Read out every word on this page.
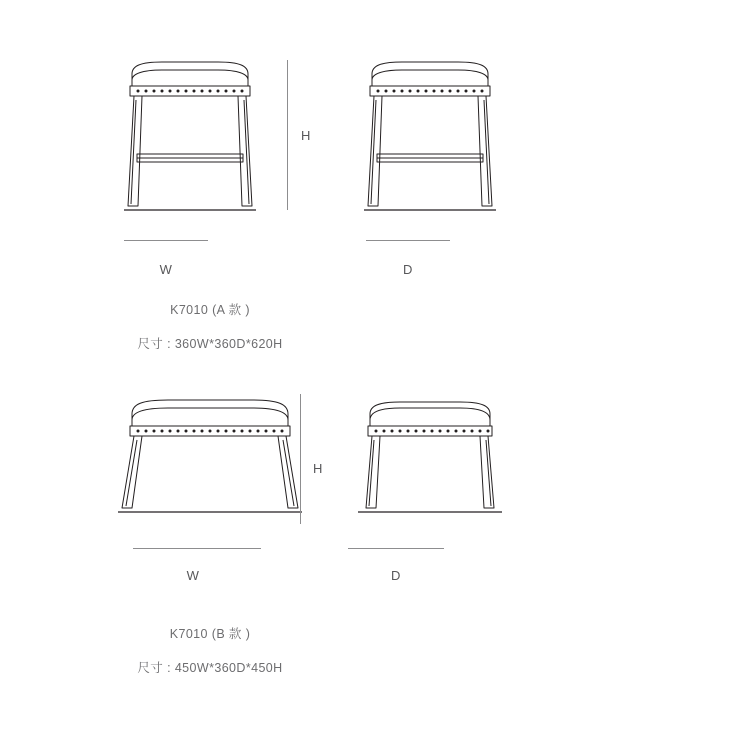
H
W	D
K7010 (A 款 )
尺寸 : 360W*360D*620H
H
W	D
K7010 (B 款 )
尺寸 : 450W*360D*450H
